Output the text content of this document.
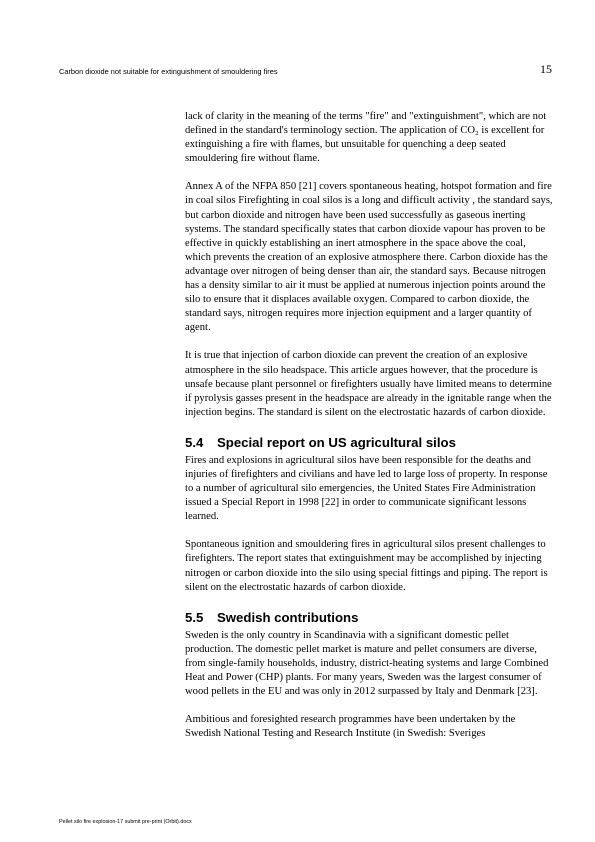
Carbon dioxide not suitable for extinguishment of smouldering fires	15

lack of clarity in the meaning of the terms "fire" and "extinguishment", which are not defined in the standard's terminology section. The application of CO₂ is excellent for extinguishing a fire with flames, but unsuitable for quenching a deep seated smouldering fire without flame.

Annex A of the NFPA 850 [21] covers spontaneous heating, hotspot formation and fire in coal silos Firefighting in coal silos is a long and difficult activity , the standard says, but carbon dioxide and nitrogen have been used successfully as gaseous inerting systems. The standard specifically states that carbon dioxide vapour has proven to be effective in quickly establishing an inert atmosphere in the space above the coal, which prevents the creation of an explosive atmosphere there. Carbon dioxide has the advantage over nitrogen of being denser than air, the standard says. Because nitrogen has a density similar to air it must be applied at numerous injection points around the silo to ensure that it displaces available oxygen. Compared to carbon dioxide, the standard says, nitrogen requires more injection equipment and a larger quantity of agent.

It is true that injection of carbon dioxide can prevent the creation of an explosive atmosphere in the silo headspace. This article argues however, that the procedure is unsafe because plant personnel or firefighters usually have limited means to determine if pyrolysis gasses present in the headspace are already in the ignitable range when the injection begins. The standard is silent on the electrostatic hazards of carbon dioxide.

5.4 Special report on US agricultural silos

Fires and explosions in agricultural silos have been responsible for the deaths and injuries of firefighters and civilians and have led to large loss of property. In response to a number of agricultural silo emergencies, the United States Fire Administration issued a Special Report in 1998 [22] in order to communicate significant lessons learned.

Spontaneous ignition and smouldering fires in agricultural silos present challenges to firefighters. The report states that extinguishment may be accomplished by injecting nitrogen or carbon dioxide into the silo using special fittings and piping. The report is silent on the electrostatic hazards of carbon dioxide.

5.5 Swedish contributions

Sweden is the only country in Scandinavia with a significant domestic pellet production. The domestic pellet market is mature and pellet consumers are diverse, from single-family households, industry, district-heating systems and large Combined Heat and Power (CHP) plants. For many years, Sweden was the largest consumer of wood pellets in the EU and was only in 2012 surpassed by Italy and Denmark [23].

Ambitious and foresighted research programmes have been undertaken by the Swedish National Testing and Research Institute (in Swedish: Sveriges

Pellet silo fire explosion-17 submit pre-print (Orbit).docx
